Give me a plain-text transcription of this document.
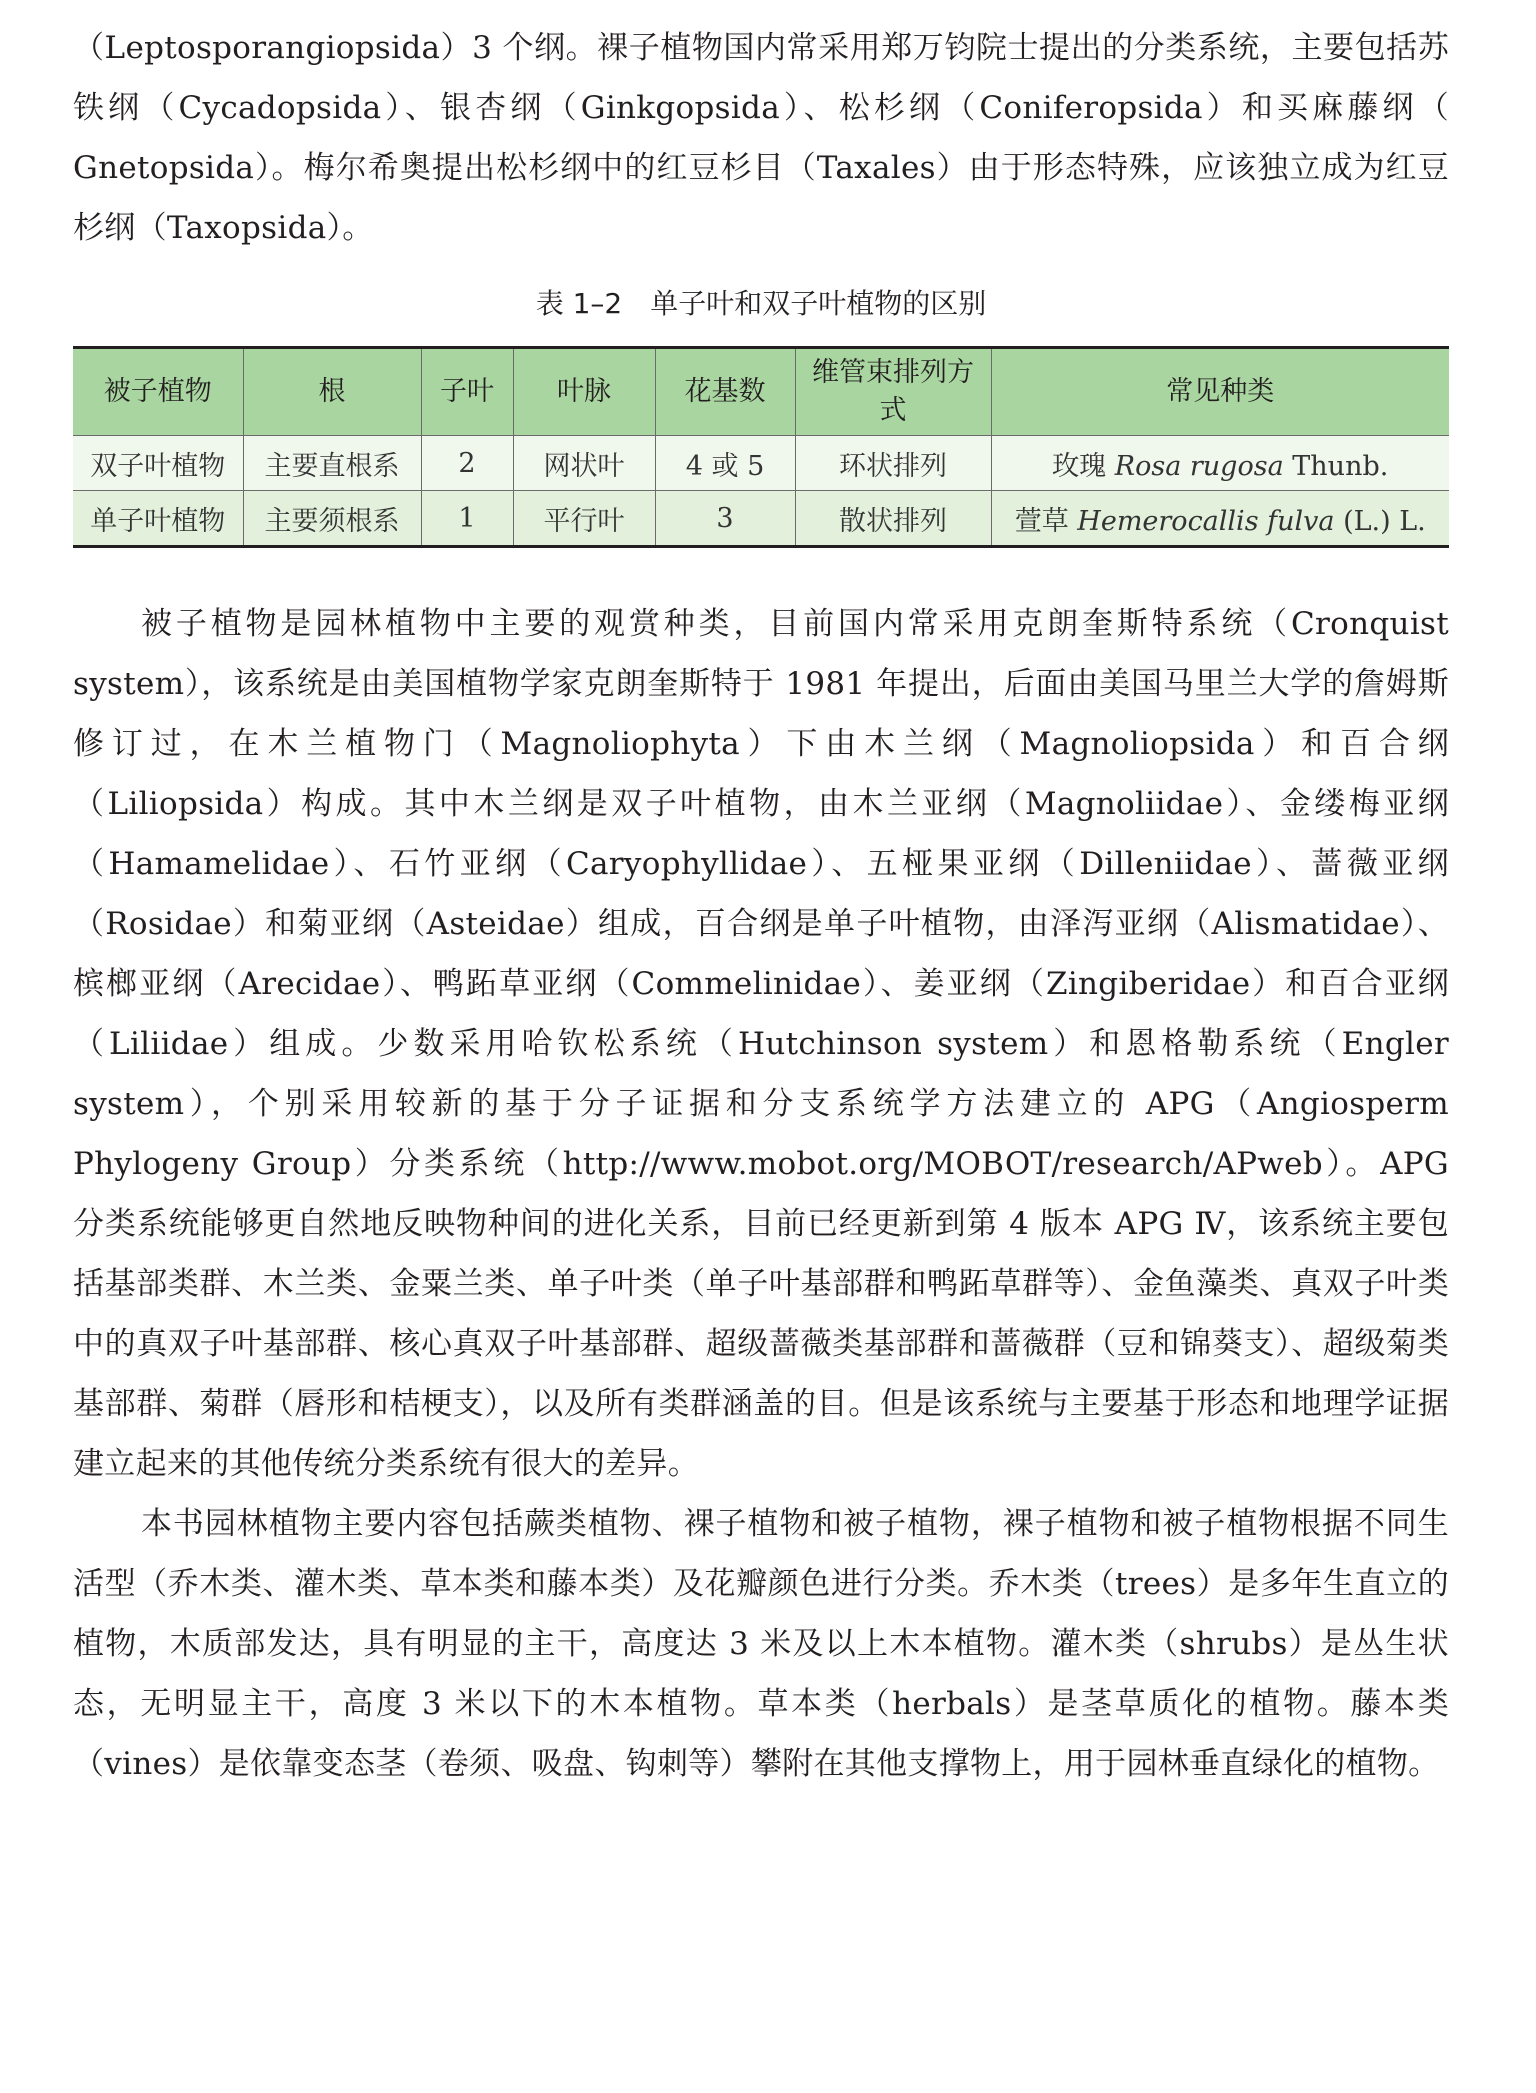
（Leptosporangiopsida）3 个纲。裸子植物国内常采用郑万钧院士提出的分类系统，主要包括苏铁纲（Cycadopsida）、银杏纲（Ginkgopsida）、松杉纲（Coniferopsida）和买麻藤纲（ Gnetopsida）。梅尔希奥提出松杉纲中的红豆杉目（Taxales）由于形态特殊，应该独立成为红豆杉纲（Taxopsida）。

表 1–2 单子叶和双子叶植物的区别
被子植物	根	子叶	叶脉	花基数	维管束排列方式	常见种类
双子叶植物	主要直根系	2	网状叶	4 或 5	环状排列	玫瑰 Rosa rugosa Thunb.
单子叶植物	主要须根系	1	平行叶	3	散状排列	萱草 Hemerocallis fulva (L.) L.

被子植物是园林植物中主要的观赏种类，目前国内常采用克朗奎斯特系统（Cronquist system），该系统是由美国植物学家克朗奎斯特于 1981 年提出，后面由美国马里兰大学的詹姆斯修订过，在木兰植物门（Magnoliophyta）下由木兰纲（Magnoliopsida）和百合纲（Liliopsida）构成。其中木兰纲是双子叶植物，由木兰亚纲（Magnoliidae）、金缕梅亚纲（Hamamelidae）、石竹亚纲（Caryophyllidae）、五桠果亚纲（Dilleniidae）、蔷薇亚纲（Rosidae）和菊亚纲（Asteidae）组成，百合纲是单子叶植物，由泽泻亚纲（Alismatidae）、槟榔亚纲（Arecidae）、鸭跖草亚纲（Commelinidae）、姜亚纲（Zingiberidae）和百合亚纲（Liliidae）组成。少数采用哈钦松系统（Hutchinson system）和恩格勒系统（Engler system），个别采用较新的基于分子证据和分支系统学方法建立的 APG（Angiosperm Phylogeny Group）分类系统（http://www.mobot.org/MOBOT/research/APweb）。APG 分类系统能够更自然地反映物种间的进化关系，目前已经更新到第 4 版本 APG Ⅳ，该系统主要包括基部类群、木兰类、金粟兰类、单子叶类（单子叶基部群和鸭跖草群等）、金鱼藻类、真双子叶类中的真双子叶基部群、核心真双子叶基部群、超级蔷薇类基部群和蔷薇群（豆和锦葵支）、超级菊类基部群、菊群（唇形和桔梗支），以及所有类群涵盖的目。但是该系统与主要基于形态和地理学证据建立起来的其他传统分类系统有很大的差异。

本书园林植物主要内容包括蕨类植物、裸子植物和被子植物，裸子植物和被子植物根据不同生活型（乔木类、灌木类、草本类和藤本类）及花瓣颜色进行分类。乔木类（trees）是多年生直立的植物，木质部发达，具有明显的主干，高度达 3 米及以上木本植物。灌木类（shrubs）是丛生状态，无明显主干，高度 3 米以下的木本植物。草本类（herbals）是茎草质化的植物。藤本类（vines）是依靠变态茎（卷须、吸盘、钩刺等）攀附在其他支撑物上，用于园林垂直绿化的植物。
